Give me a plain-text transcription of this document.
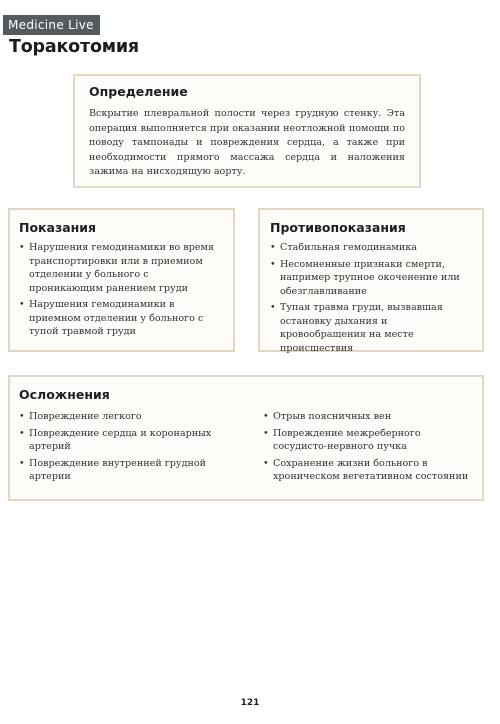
Medicine Live
Торакотомия
Определение

Вскрытие плевральной полости через грудную стенку. Эта операция выполняется при оказании неотложной помощи по поводу тампонады и повреждения сердца, а также при необходимости прямого массажа сердца и наложения зажима на нисходящую аорту.

Показания
• Нарушения гемодинамики во время транспортировки или в приемном отделении у больного с проникающим ранением груди
• Нарушения гемодинамики в приемном отделении у больного с тупой травмой груди
Противопоказания
• Стабильная гемодинамика
• Несомненные признаки смерти, например трупное окоченение или обезглавливание
• Тупая травма груди, вызвавшая остановку дыхания и кровообращения на месте происшествия
Осложнения
• Повреждение легкого
• Повреждение сердца и коронарных артерий
• Повреждение внутренней грудной артерии
• Отрыв поясничных вен
• Повреждение межреберного сосудисто-нервного пучка
• Сохранение жизни больного в хроническом вегетативном состоянии
121
